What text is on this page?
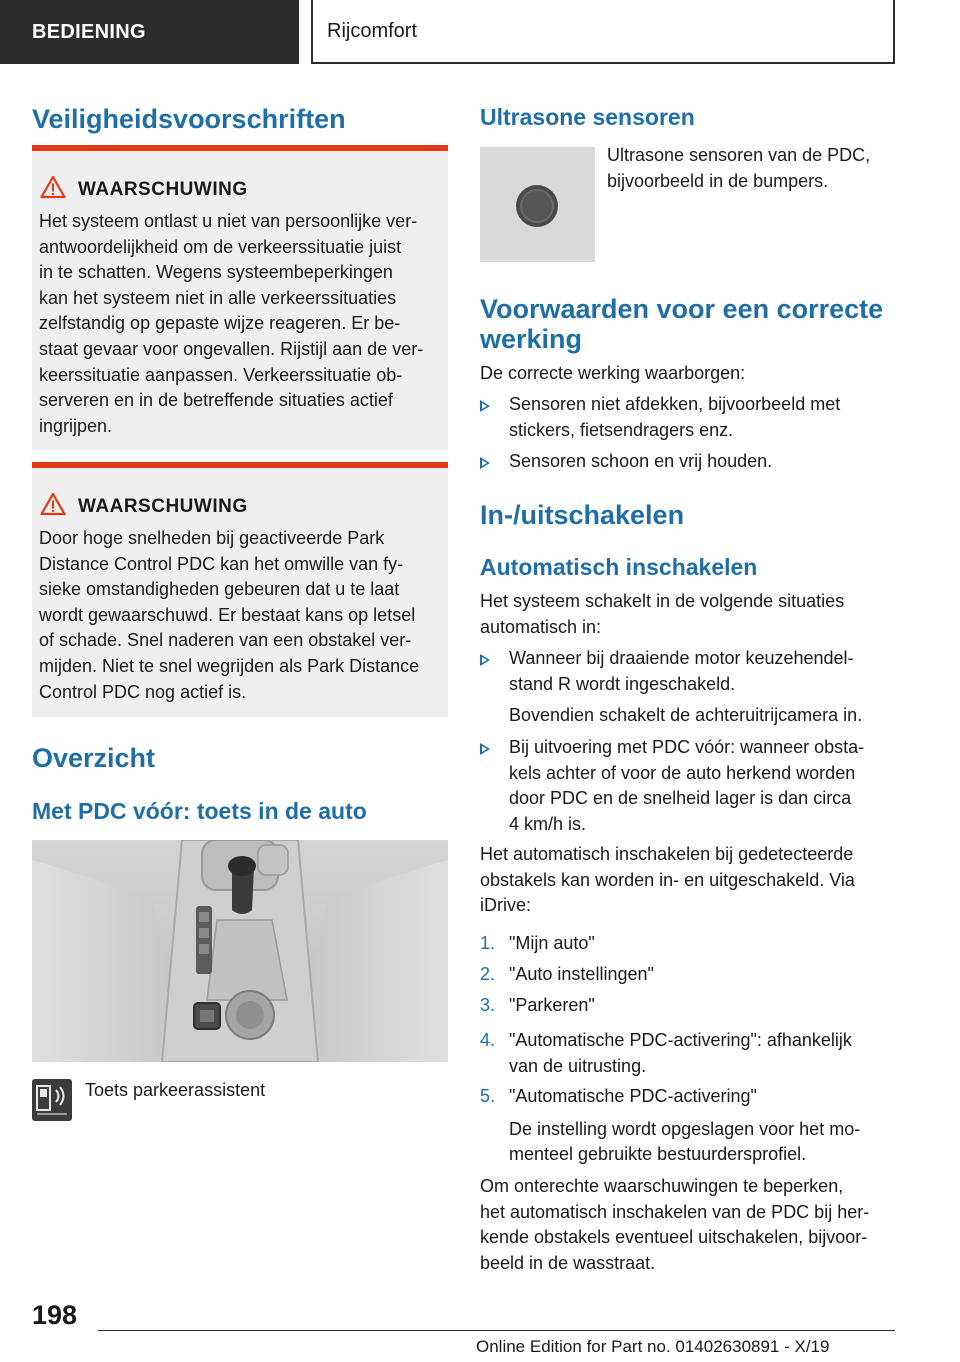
BEDIENING	Rijcomfort
Veiligheidsvoorschriften
WAARSCHUWING
Het systeem ontlast u niet van persoonlijke ver-
antwoordelijkheid om de verkeerssituatie juist
in te schatten. Wegens systeembeperkingen
kan het systeem niet in alle verkeerssituaties
zelfstandig op gepaste wijze reageren. Er be-
staat gevaar voor ongevallen. Rijstijl aan de ver-
keerssituatie aanpassen. Verkeerssituatie ob-
serveren en in de betreffende situaties actief
ingrijpen.
WAARSCHUWING
Door hoge snelheden bij geactiveerde Park
Distance Control PDC kan het omwille van fy-
sieke omstandigheden gebeuren dat u te laat
wordt gewaarschuwd. Er bestaat kans op letsel
of schade. Snel naderen van een obstakel ver-
mijden. Niet te snel wegrijden als Park Distance
Control PDC nog actief is.
Overzicht
Met PDC vóór: toets in de auto
Toets parkeerassistent
Ultrasone sensoren
Ultrasone sensoren van de PDC,
bijvoorbeeld in de bumpers.
Voorwaarden voor een correcte
werking
De correcte werking waarborgen:
Sensoren niet afdekken, bijvoorbeeld met
stickers, fietsendragers enz.
Sensoren schoon en vrij houden.
In-/uitschakelen
Automatisch inschakelen
Het systeem schakelt in de volgende situaties
automatisch in:
Wanneer bij draaiende motor keuzehendel-
stand R wordt ingeschakeld.
Bovendien schakelt de achteruitrijcamera in.
Bij uitvoering met PDC vóór: wanneer obsta-
kels achter of voor de auto herkend worden
door PDC en de snelheid lager is dan circa
4 km/h is.
Het automatisch inschakelen bij gedetecteerde
obstakels kan worden in- en uitgeschakeld. Via
iDrive:
1. "Mijn auto"
2. "Auto instellingen"
3. "Parkeren"
4. "Automatische PDC-activering": afhankelijk
van de uitrusting.
5. "Automatische PDC-activering"
De instelling wordt opgeslagen voor het mo-
menteel gebruikte bestuurdersprofiel.
Om onterechte waarschuwingen te beperken,
het automatisch inschakelen van de PDC bij her-
kende obstakels eventueel uitschakelen, bijvoor-
beeld in de wasstraat.
198
Online Edition for Part no. 01402630891 - X/19
